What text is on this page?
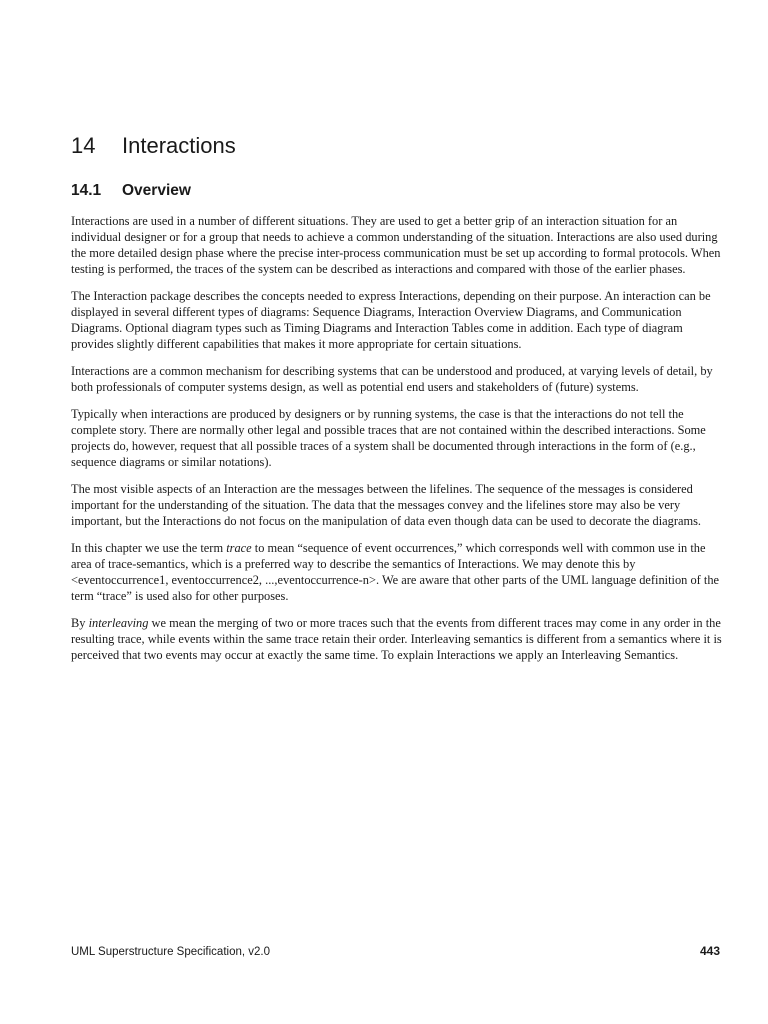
14 Interactions
14.1 Overview

Interactions are used in a number of different situations. They are used to get a better grip of an interaction situation for an individual designer or for a group that needs to achieve a common understanding of the situation. Interactions are also used during the more detailed design phase where the precise inter-process communication must be set up according to formal protocols. When testing is performed, the traces of the system can be described as interactions and compared with those of the earlier phases.

The Interaction package describes the concepts needed to express Interactions, depending on their purpose. An interaction can be displayed in several different types of diagrams: Sequence Diagrams, Interaction Overview Diagrams, and Communication Diagrams. Optional diagram types such as Timing Diagrams and Interaction Tables come in addition. Each type of diagram provides slightly different capabilities that makes it more appropriate for certain situations.

Interactions are a common mechanism for describing systems that can be understood and produced, at varying levels of detail, by both professionals of computer systems design, as well as potential end users and stakeholders of (future) systems.

Typically when interactions are produced by designers or by running systems, the case is that the interactions do not tell the complete story. There are normally other legal and possible traces that are not contained within the described interactions. Some projects do, however, request that all possible traces of a system shall be documented through interactions in the form of (e.g., sequence diagrams or similar notations).

The most visible aspects of an Interaction are the messages between the lifelines. The sequence of the messages is considered important for the understanding of the situation. The data that the messages convey and the lifelines store may also be very important, but the Interactions do not focus on the manipulation of data even though data can be used to decorate the diagrams.

In this chapter we use the term trace to mean “sequence of event occurrences,” which corresponds well with common use in the area of trace-semantics, which is a preferred way to describe the semantics of Interactions. We may denote this by <eventoccurrence1, eventoccurrence2, ...,eventoccurrence-n>. We are aware that other parts of the UML language definition of the term “trace” is used also for other purposes.

By interleaving we mean the merging of two or more traces such that the events from different traces may come in any order in the resulting trace, while events within the same trace retain their order. Interleaving semantics is different from a semantics where it is perceived that two events may occur at exactly the same time. To explain Interactions we apply an Interleaving Semantics.

UML Superstructure Specification, v2.0	443
